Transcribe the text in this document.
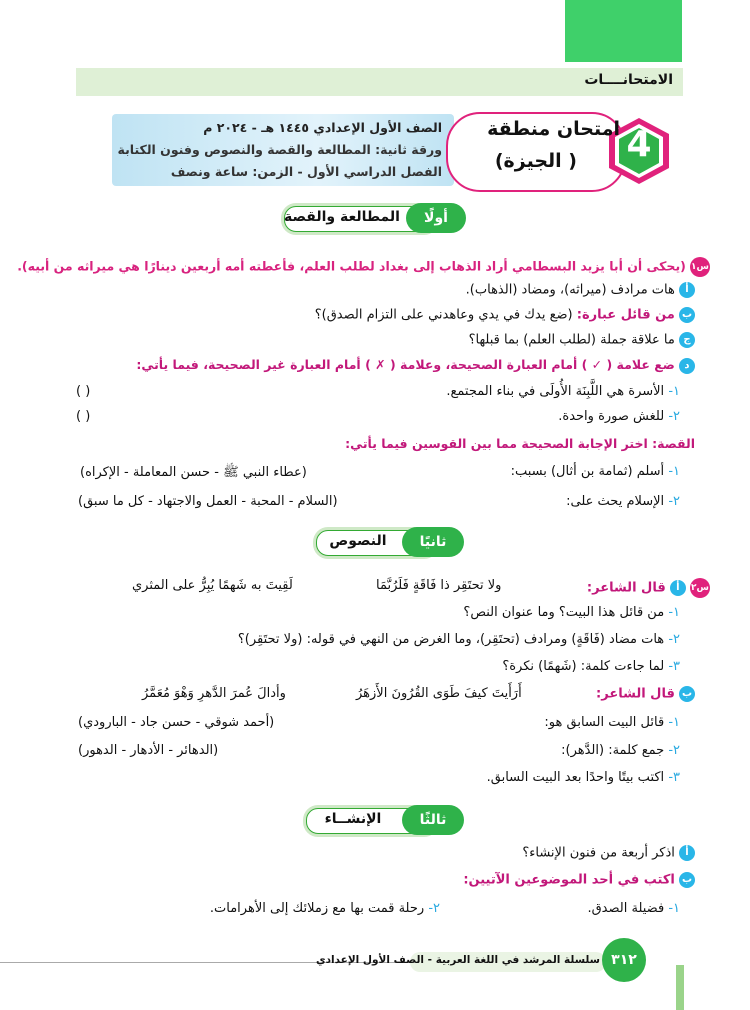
الامتحانــــات
الصف الأول الإعدادي ١٤٤٥ هـ - ٢٠٢٤ م
ورقة ثانية: المطالعة والقصة والنصوص وفنون الكتابة
الفصل الدراسي الأول - الزمن: ساعة ونصف
4
امتحان منطقة
( الجيزة)
المطالعة والقصة	أولًا
س١ (يحكى أن أبا يزيد البسطامي أراد الذهاب إلى بغداد لطلب العلم، فأعطته أمه أربعين دينارًا هي ميراثه من أبيه).
أ هات مرادف (ميراثه)، ومضاد (الذهاب).
ب من قائل عبارة: (ضع يدك في يدي وعاهدني على التزام الصدق)؟
ج ما علاقة جملة (لطلب العلم) بما قبلها؟
د ضع علامة ( ✓ ) أمام العبارة الصحيحة، وعلامة ( ✗ ) أمام العبارة غير الصحيحة، فيما يأتي:
١- الأسرة هي اللَّبِنَة الأُولَى في بناء المجتمع.
( )
٢- للغش صورة واحدة.
( )
القصة: اختر الإجابة الصحيحة مما بين القوسين فيما يأتي:
١- أسلم (ثمامة بن أثال) بسبب:
(عطاء النبي ﷺ - حسن المعاملة - الإكراه)
٢- الإسلام يحث على:
(السلام - المحبة - العمل والاجتهاد - كل ما سبق)
النصوص	ثانيًا
س٢ أ قال الشاعر:
ولا تحتَقِر ذا فَاقَةٍ فَلَرُبَّمَا
لَقِيتَ به شَهمًا يُبِرُّ على المثري
١- من قائل هذا البيت؟ وما عنوان النص؟
٢- هات مضاد (فَاقَةٍ) ومرادف (تحتَقِر)، وما الغرض من النهي في قوله: (ولا تحتَقِر)؟
٣- لما جاءت كلمة: (شَهمًا) نكرة؟
ب قال الشاعر:
أَرَأَيتَ كيفَ طَوَى القُرُونَ الأَزهَرُ
وأدالَ عُمرَ الدَّهرِ وَهْوَ مُعَمَّرُ
١- قائل البيت السابق هو:
(أحمد شوقي - حسن جاد - البارودي)
٢- جمع كلمة: (الدَّهر):
(الدهائر - الأدهار - الدهور)
٣- اكتب بيتًا واحدًا بعد البيت السابق.
الإنشــاء	ثالثًا
أ اذكر أربعة من فنون الإنشاء؟
ب اكتب في أحد الموضوعين الآتيين:
١- فضيلة الصدق.
٢- رحلة قمت بها مع زملائك إلى الأهرامات.
سلسلة المرشد في اللغة العربية - الصف الأول الإعدادي ٣١٢
